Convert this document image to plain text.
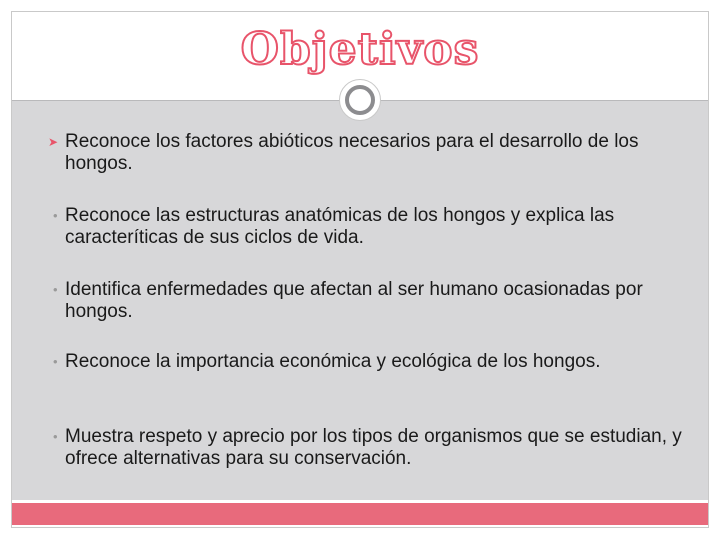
Objetivos
➤ Reconoce los factores abióticos necesarios para el desarrollo de los hongos.
• Reconoce las estructuras anatómicas de los hongos y explica las caracteríticas de sus ciclos de vida.
• Identifica enfermedades que afectan al ser humano ocasionadas por hongos.
• Reconoce la importancia económica y ecológica de los hongos.
• Muestra respeto y aprecio por los tipos de organismos que se estudian, y ofrece alternativas para su conservación.
